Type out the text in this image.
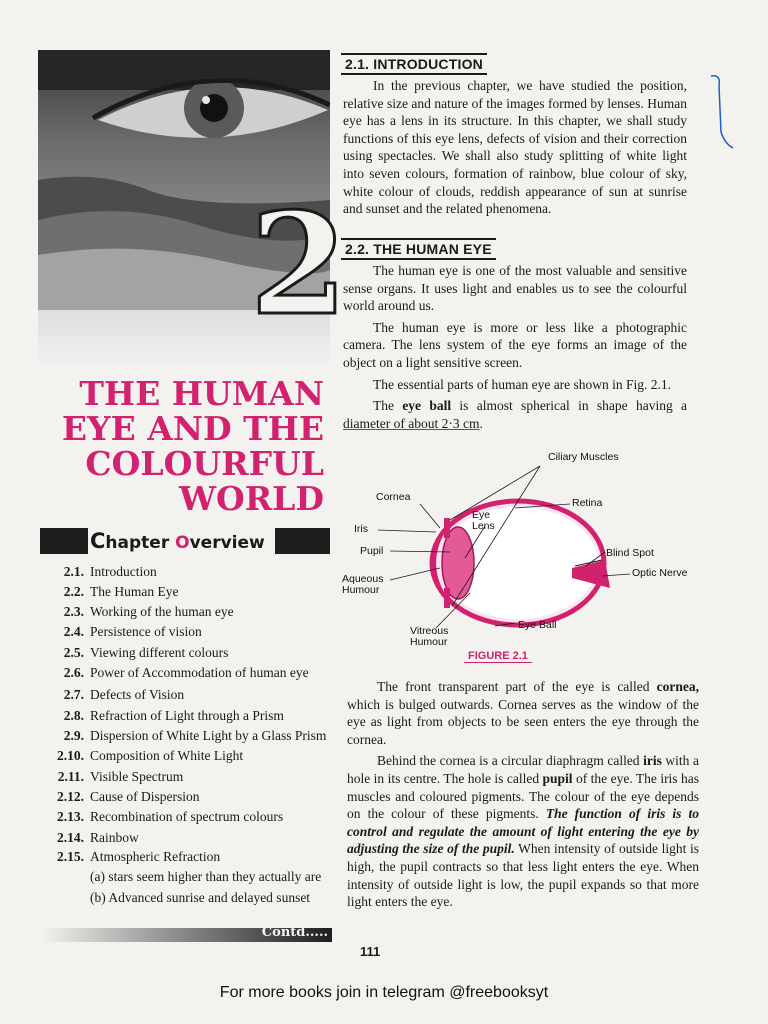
2
THE HUMAN
EYE AND THE
COLOURFUL
WORLD
Chapter Overview
2.1. Introduction
2.2. The Human Eye
2.3. Working of the human eye
2.4. Persistence of vision
2.5. Viewing different colours
2.6. Power of Accommodation of human eye
2.7. Defects of Vision
2.8. Refraction of Light through a Prism
2.9. Dispersion of White Light by a Glass Prism
2.10. Composition of White Light
2.11. Visible Spectrum
2.12. Cause of Dispersion
2.13. Recombination of spectrum colours
2.14. Rainbow
2.15. Atmospheric Refraction
(a) stars seem higher than they actually are
(b) Advanced sunrise and delayed sunset
Contd.....
2.1. INTRODUCTION

In the previous chapter, we have studied the position, relative size and nature of the images formed by lenses. Human eye has a lens in its structure. In this chapter, we shall study functions of this eye lens, defects of vision and their correction using spectacles. We shall also study splitting of white light into seven colours, formation of rainbow, blue colour of sky, white colour of clouds, reddish appearance of sun at sunrise and sunset and the related phenomena.

2.2. THE HUMAN EYE

The human eye is one of the most valuable and sensitive sense organs. It uses light and enables us to see the colourful world around us.

The human eye is more or less like a photographic camera. The lens system of the eye forms an image of the object on a light sensitive screen.

The essential parts of human eye are shown in Fig. 2.1.

The eye ball is almost spherical in shape having a diameter of about 2·3 cm.

Ciliary Muscles
Cornea	Retina
Iris
Eye Lens
Pupil	Blind Spot
Optic Nerve
Aqueous Humour
Vitreous Humour
Eye Ball
FIGURE 2.1

The front transparent part of the eye is called cornea, which is bulged outwards. Cornea serves as the window of the eye as light from objects to be seen enters the eye through the cornea.

Behind the cornea is a circular diaphragm called iris with a hole in its centre. The hole is called pupil of the eye. The iris has muscles and coloured pigments. The colour of the eye depends on the colour of these pigments. The function of iris is to control and regulate the amount of light entering the eye by adjusting the size of the pupil. When intensity of outside light is high, the pupil contracts so that less light enters the eye. When intensity of outside light is low, the pupil expands so that more light enters the eye.

111
For more books join in telegram @freebooksyt
